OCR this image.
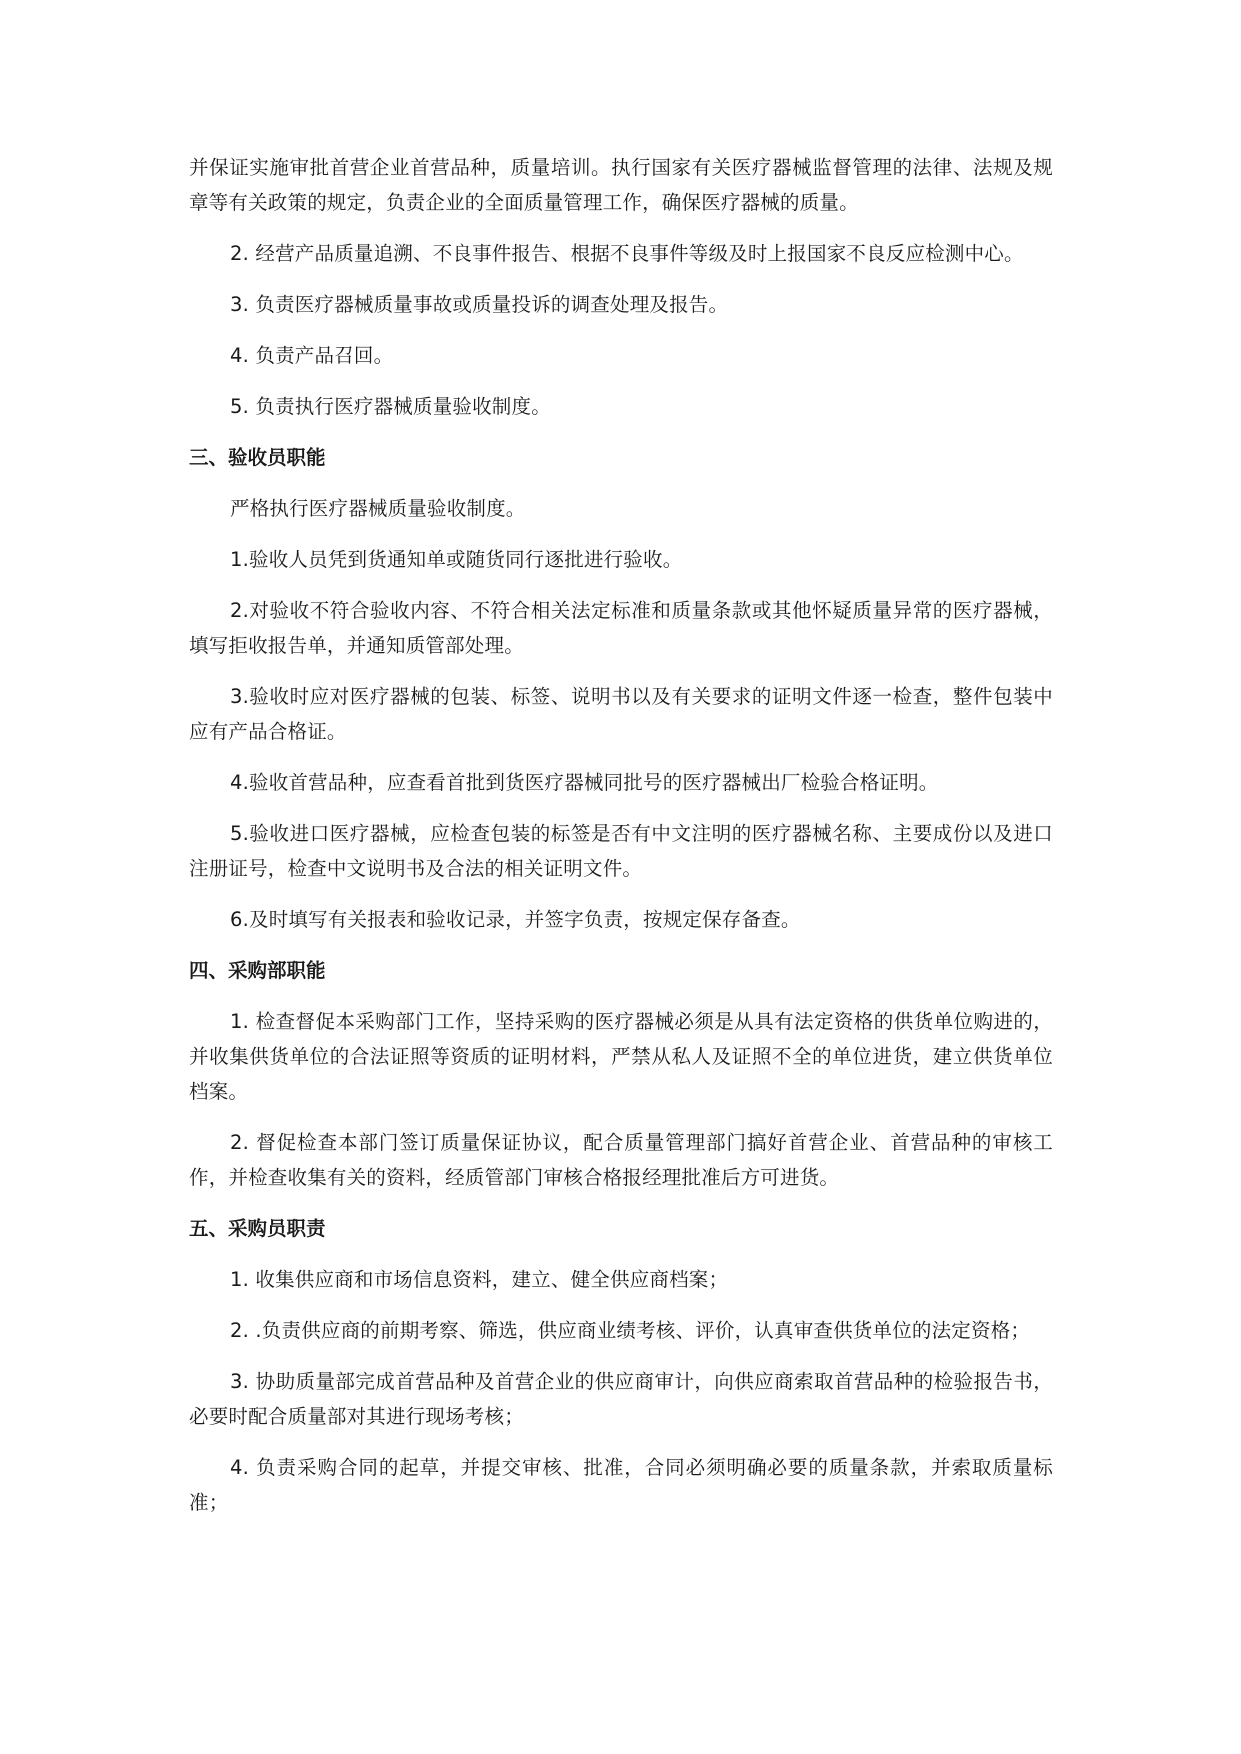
并保证实施审批首营企业首营品种，质量培训。执行国家有关医疗器械监督管理的法律、法规及规章等有关政策的规定，负责企业的全面质量管理工作，确保医疗器械的质量。

2. 经营产品质量追溯、不良事件报告、根据不良事件等级及时上报国家不良反应检测中心。

3. 负责医疗器械质量事故或质量投诉的调查处理及报告。

4. 负责产品召回。

5. 负责执行医疗器械质量验收制度。

三、验收员职能

严格执行医疗器械质量验收制度。

1.验收人员凭到货通知单或随货同行逐批进行验收。

2.对验收不符合验收内容、不符合相关法定标准和质量条款或其他怀疑质量异常的医疗器械，填写拒收报告单，并通知质管部处理。

3.验收时应对医疗器械的包装、标签、说明书以及有关要求的证明文件逐一检查，整件包装中应有产品合格证。

4.验收首营品种，应查看首批到货医疗器械同批号的医疗器械出厂检验合格证明。

5.验收进口医疗器械，应检查包装的标签是否有中文注明的医疗器械名称、主要成份以及进口注册证号，检查中文说明书及合法的相关证明文件。

6.及时填写有关报表和验收记录，并签字负责，按规定保存备查。

四、采购部职能

1. 检查督促本采购部门工作，坚持采购的医疗器械必须是从具有法定资格的供货单位购进的，并收集供货单位的合法证照等资质的证明材料，严禁从私人及证照不全的单位进货，建立供货单位档案。

2. 督促检查本部门签订质量保证协议，配合质量管理部门搞好首营企业、首营品种的审核工作，并检查收集有关的资料，经质管部门审核合格报经理批准后方可进货。

五、采购员职责

1. 收集供应商和市场信息资料，建立、健全供应商档案；

2. .负责供应商的前期考察、筛选，供应商业绩考核、评价，认真审查供货单位的法定资格；

3. 协助质量部完成首营品种及首营企业的供应商审计，向供应商索取首营品种的检验报告书，必要时配合质量部对其进行现场考核；

4. 负责采购合同的起草，并提交审核、批准，合同必须明确必要的质量条款，并索取质量标准；
